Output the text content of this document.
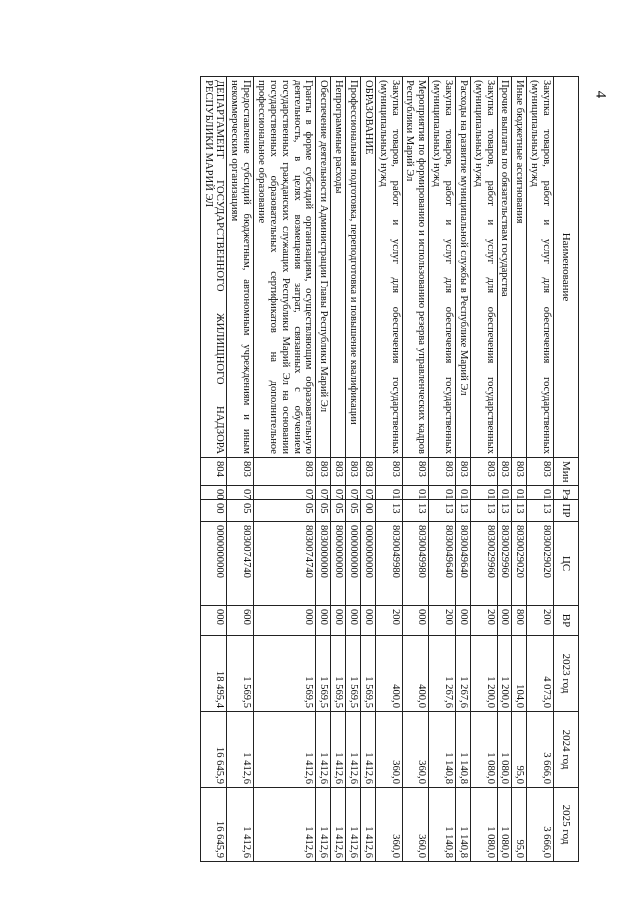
4
Наименование	Мин	Рз	ПР	ЦС	ВР	2023 год	2024 год	2025 год
Закупка товаров, работ и услуг для обеспечения государственных (муниципальных) нужд	803	01	13	8030029020	200	4 073,0	3 666,0	3 666,0
Иные бюджетные ассигнования	803	01	13	8030029020	800	104,0	95,0	95,0
Прочие выплаты по обязательствам государства	803	01	13	8030029960	000	1 200,0	1 080,0	1 080,0
Закупка товаров, работ и услуг для обеспечения государственных (муниципальных) нужд	803	01	13	8030029960	200	1 200,0	1 080,0	1 080,0
Расходы на развитие муниципальной службы в Республике Марий Эл	803	01	13	8030049640	000	1 267,6	1 140,8	1 140,8
Закупка товаров, работ и услуг для обеспечения государственных (муниципальных) нужд	803	01	13	8030049640	200	1 267,6	1 140,8	1 140,8
Мероприятия по формированию и использованию резерва управленческих кадров Республики Марий Эл	803	01	13	8030049980	000	400,0	360,0	360,0
Закупка товаров, работ и услуг для обеспечения государственных (муниципальных) нужд	803	01	13	8030049980	200	400,0	360,0	360,0
ОБРАЗОВАНИЕ	803	07	00	0000000000	000	1 569,5	1 412,6	1 412,6
Профессиональная подготовка, переподготовка и повышение квалификации	803	07	05	0000000000	000	1 569,5	1 412,6	1 412,6
Непрограммные расходы	803	07	05	8000000000	000	1 569,5	1 412,6	1 412,6
Обеспечение деятельности Администрации Главы Республики Марий Эл	803	07	05	8030000000	000	1 569,5	1 412,6	1 412,6
Гранты в форме субсидий организациям, осуществляющим образовательную деятельность, в целях возмещения затрат, связанных с обучением государственных гражданских служащих Республики Марий Эл на основании государственных образовательных сертификатов на дополнительное профессиональное образование	803	07	05	8030074740	000	1 569,5	1 412,6	1 412,6
Предоставление субсидий бюджетным, автономным учреждениям и иным некоммерческим организациям	803	07	05	8030074740	600	1 569,5	1 412,6	1 412,6
ДЕПАРТАМЕНТ ГОСУДАРСТВЕННОГО ЖИЛИЩНОГО НАДЗОРА РЕСПУБЛИКИ МАРИЙ ЭЛ	804	00	00	0000000000	000	18 495,4	16 645,9	16 645,9
